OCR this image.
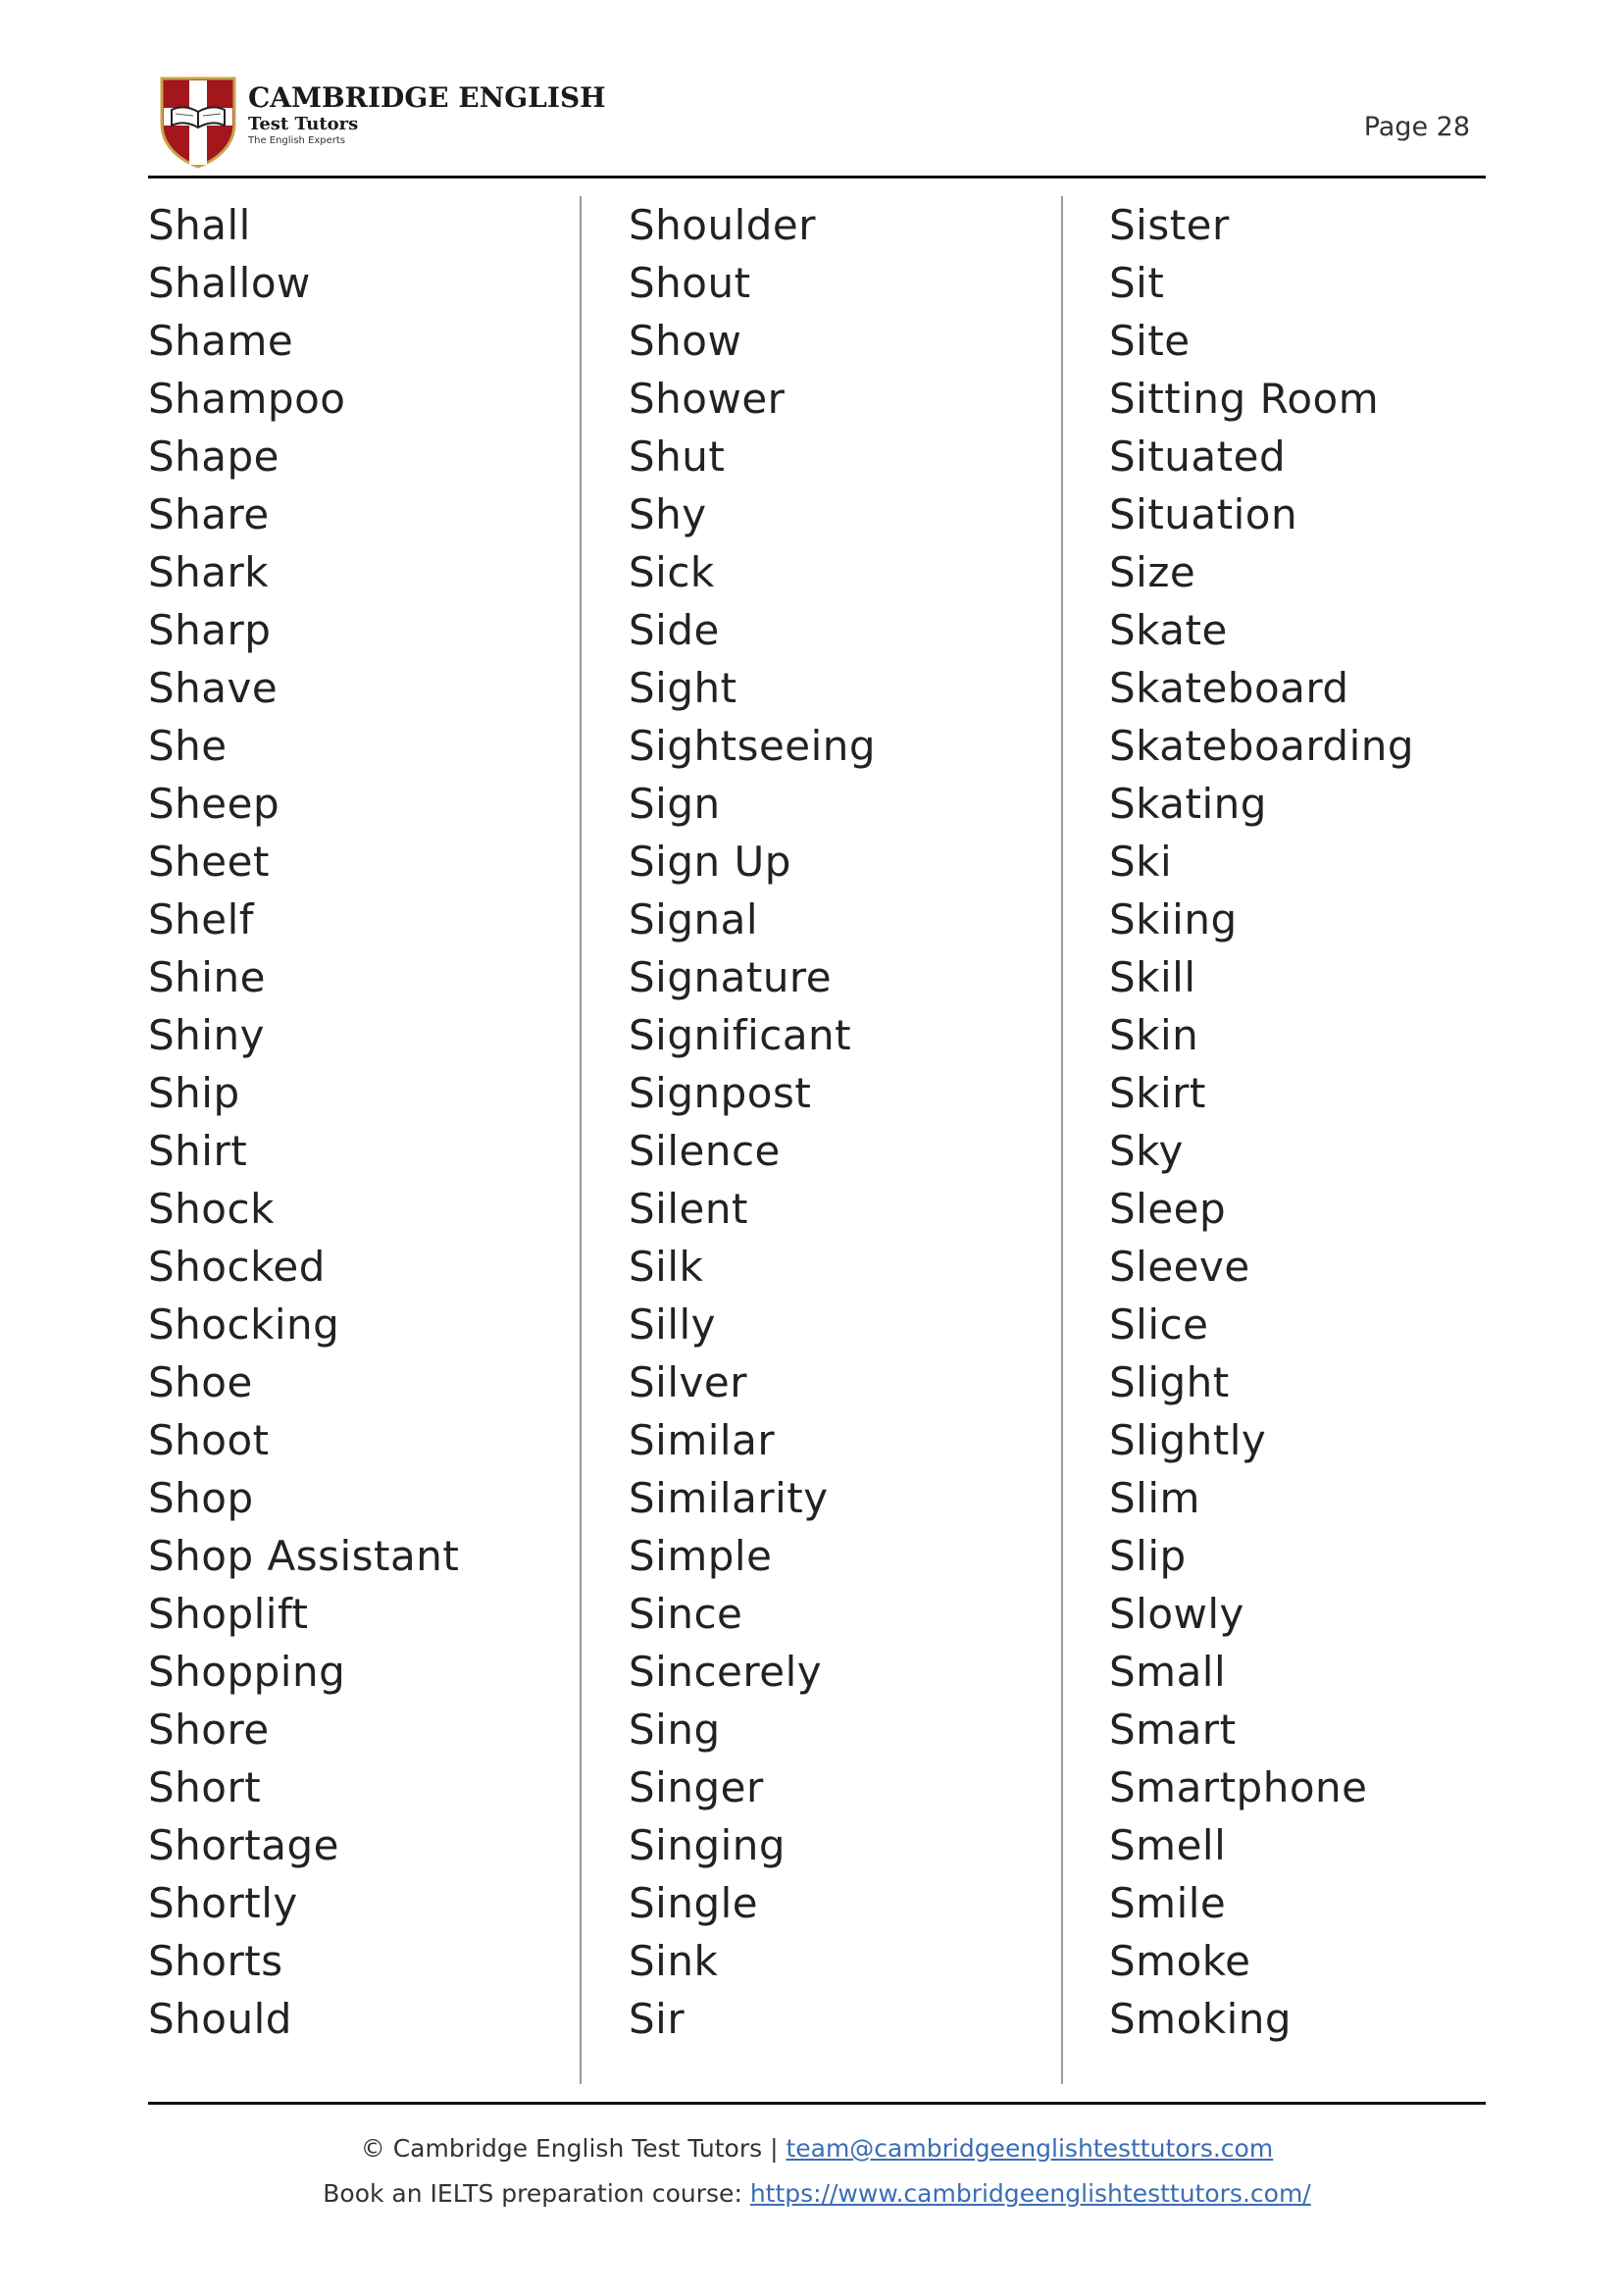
CAMBRIDGE ENGLISH
Test Tutors
The English Experts	Page 28
Shall
Shallow
Shame
Shampoo
Shape
Share
Shark
Sharp
Shave
She
Sheep
Sheet
Shelf
Shine
Shiny
Ship
Shirt
Shock
Shocked
Shocking
Shoe
Shoot
Shop
Shop Assistant
Shoplift
Shopping
Shore
Short
Shortage
Shortly
Shorts
Should
Shoulder
Shout
Show
Shower
Shut
Shy
Sick
Side
Sight
Sightseeing
Sign
Sign Up
Signal
Signature
Significant
Signpost
Silence
Silent
Silk
Silly
Silver
Similar
Similarity
Simple
Since
Sincerely
Sing
Singer
Singing
Single
Sink
Sir
Sister
Sit
Site
Sitting Room
Situated
Situation
Size
Skate
Skateboard
Skateboarding
Skating
Ski
Skiing
Skill
Skin
Skirt
Sky
Sleep
Sleeve
Slice
Slight
Slightly
Slim
Slip
Slowly
Small
Smart
Smartphone
Smell
Smile
Smoke
Smoking
© Cambridge English Test Tutors | team@cambridgeenglishtesttutors.com
Book an IELTS preparation course: https://www.cambridgeenglishtesttutors.com/
